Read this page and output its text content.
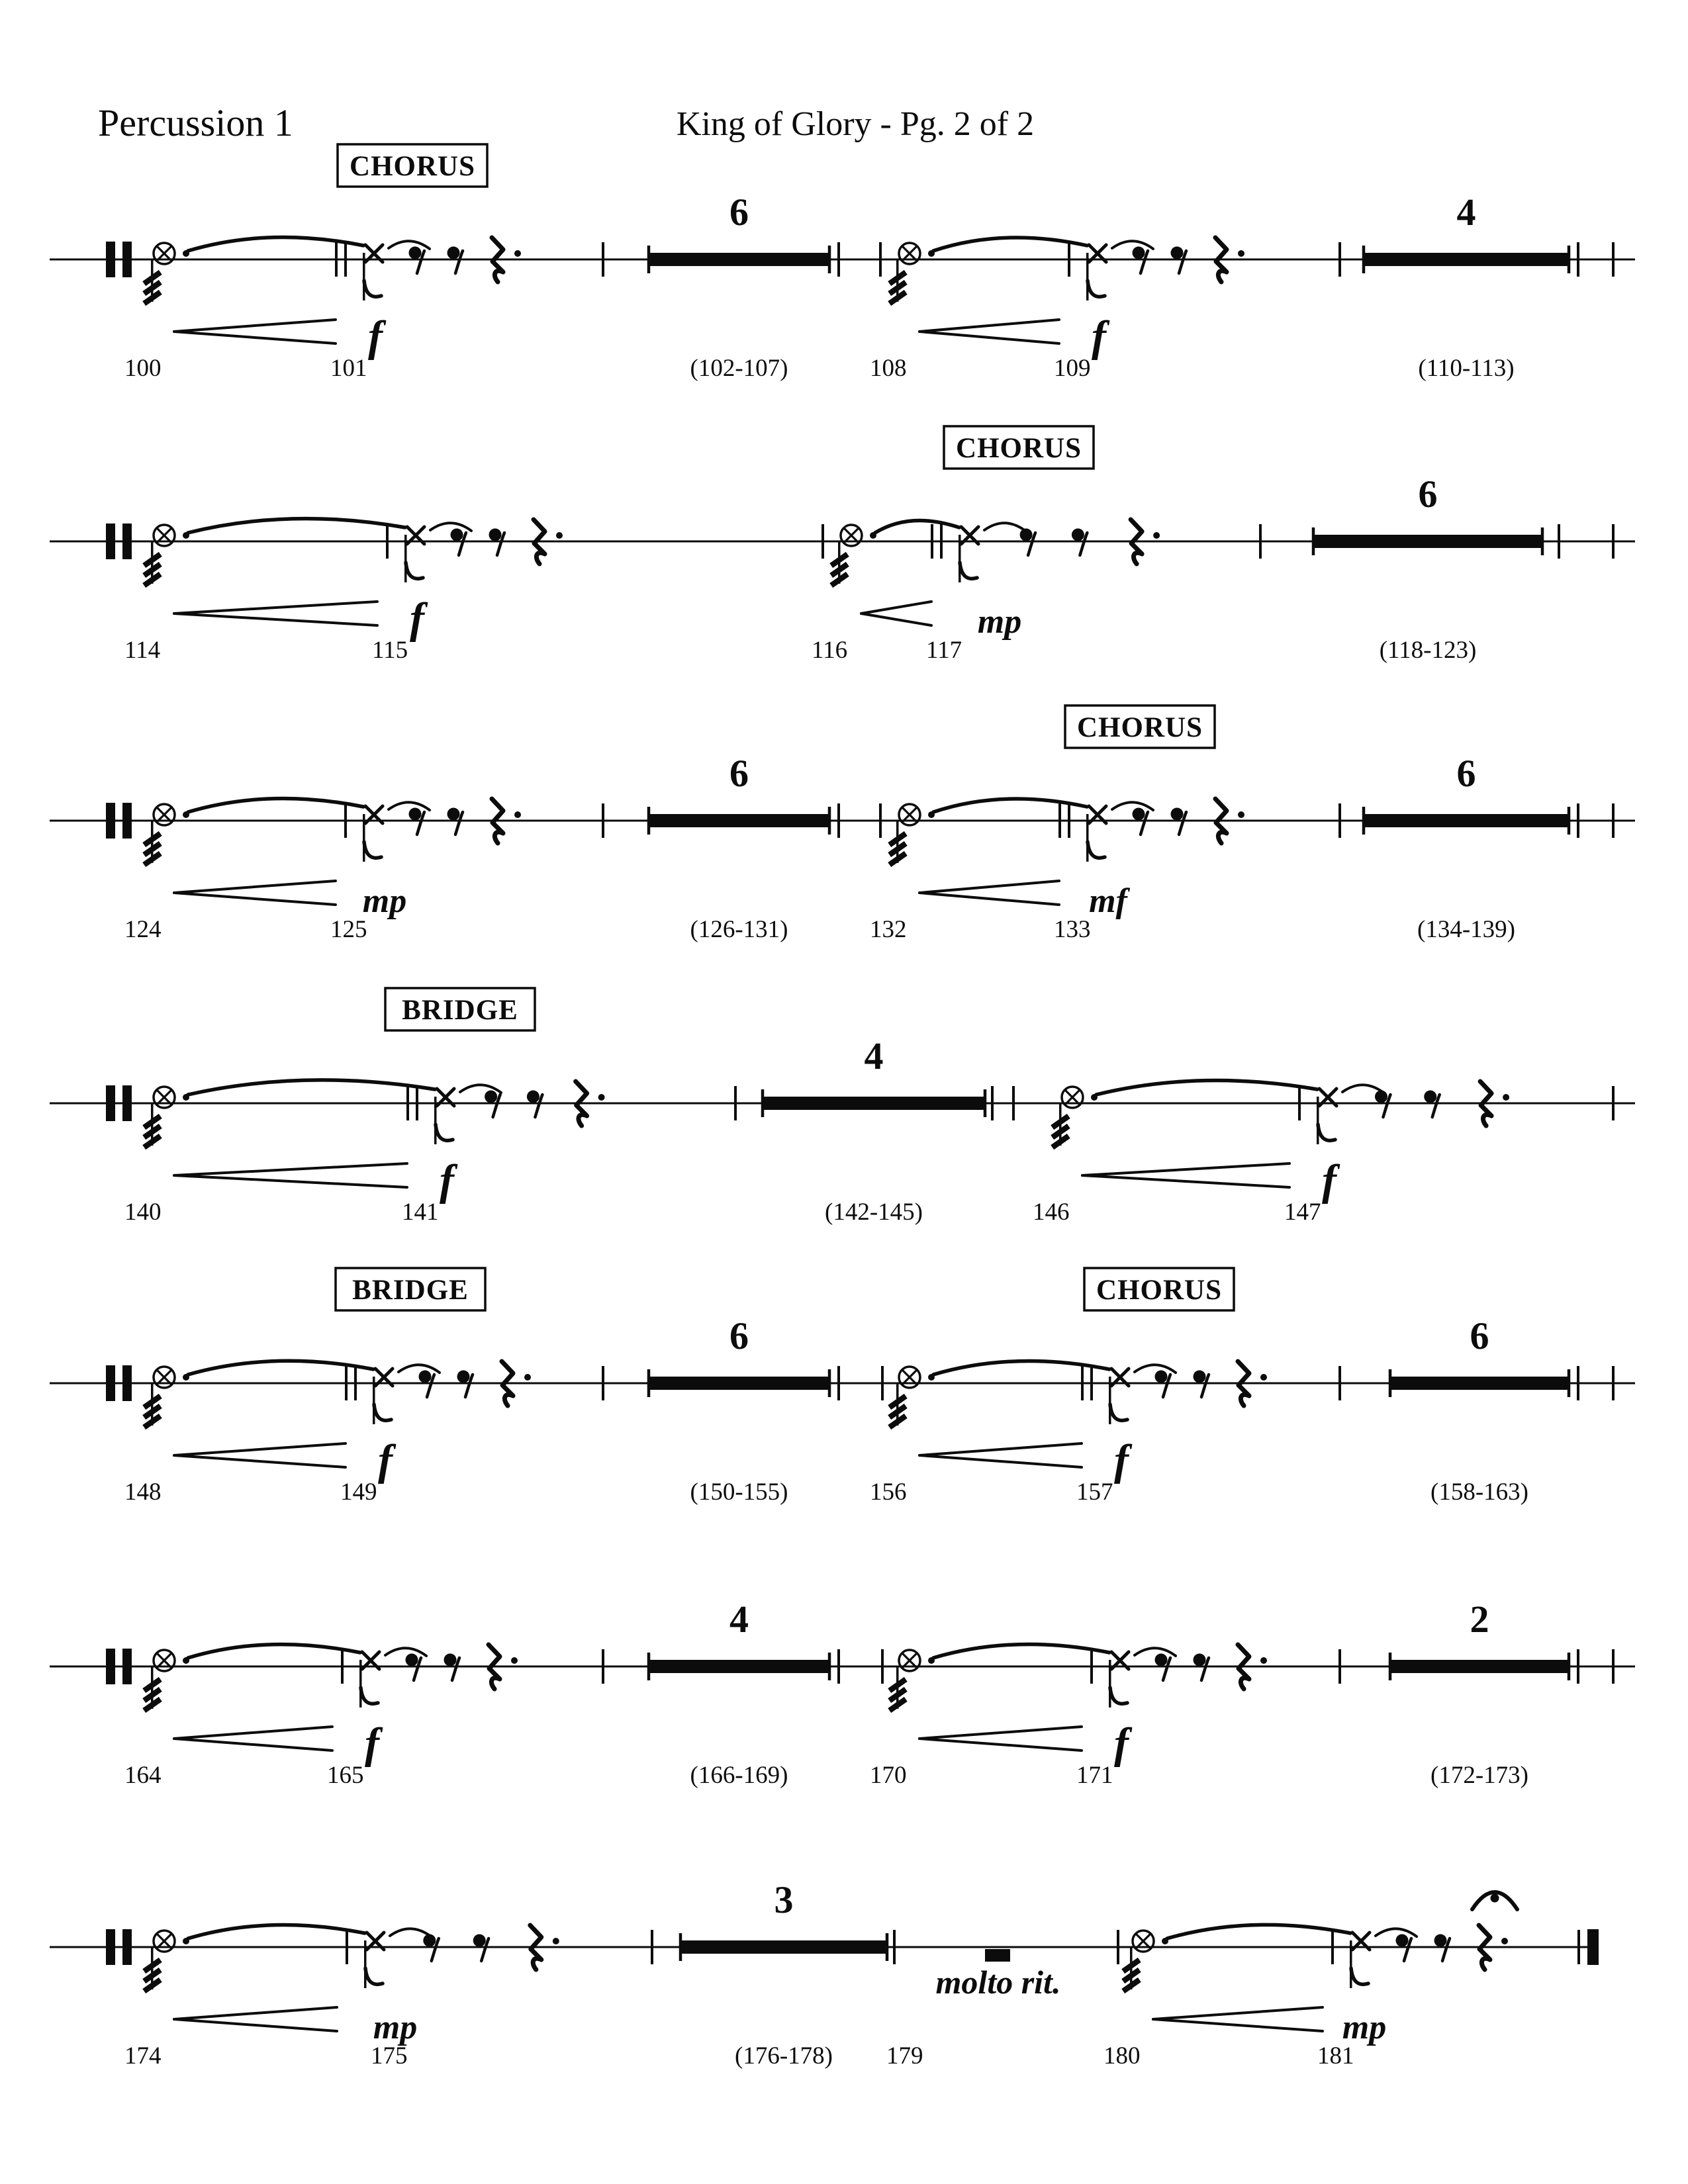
Percussion 1	King of Glory - Pg. 2 of 2
6
(102-107)
4
(110-113)
f
100	101
f
108	109
CHORUS
6
(118-123)
f
114	115
mp
116	117
CHORUS
6
(126-131)
6
(134-139)
mp
124	125
mf
132	133
CHORUS
4
(142-145)
f
140	141
f
146	147
BRIDGE
6
(150-155)
6
(158-163)
f
148	149
f
156	157
BRIDGE	CHORUS
4
(166-169)
2
(172-173)
f
164	165
f
170	171
3
(176-178)
mp
174	175
mp
180	181
179
molto rit.
